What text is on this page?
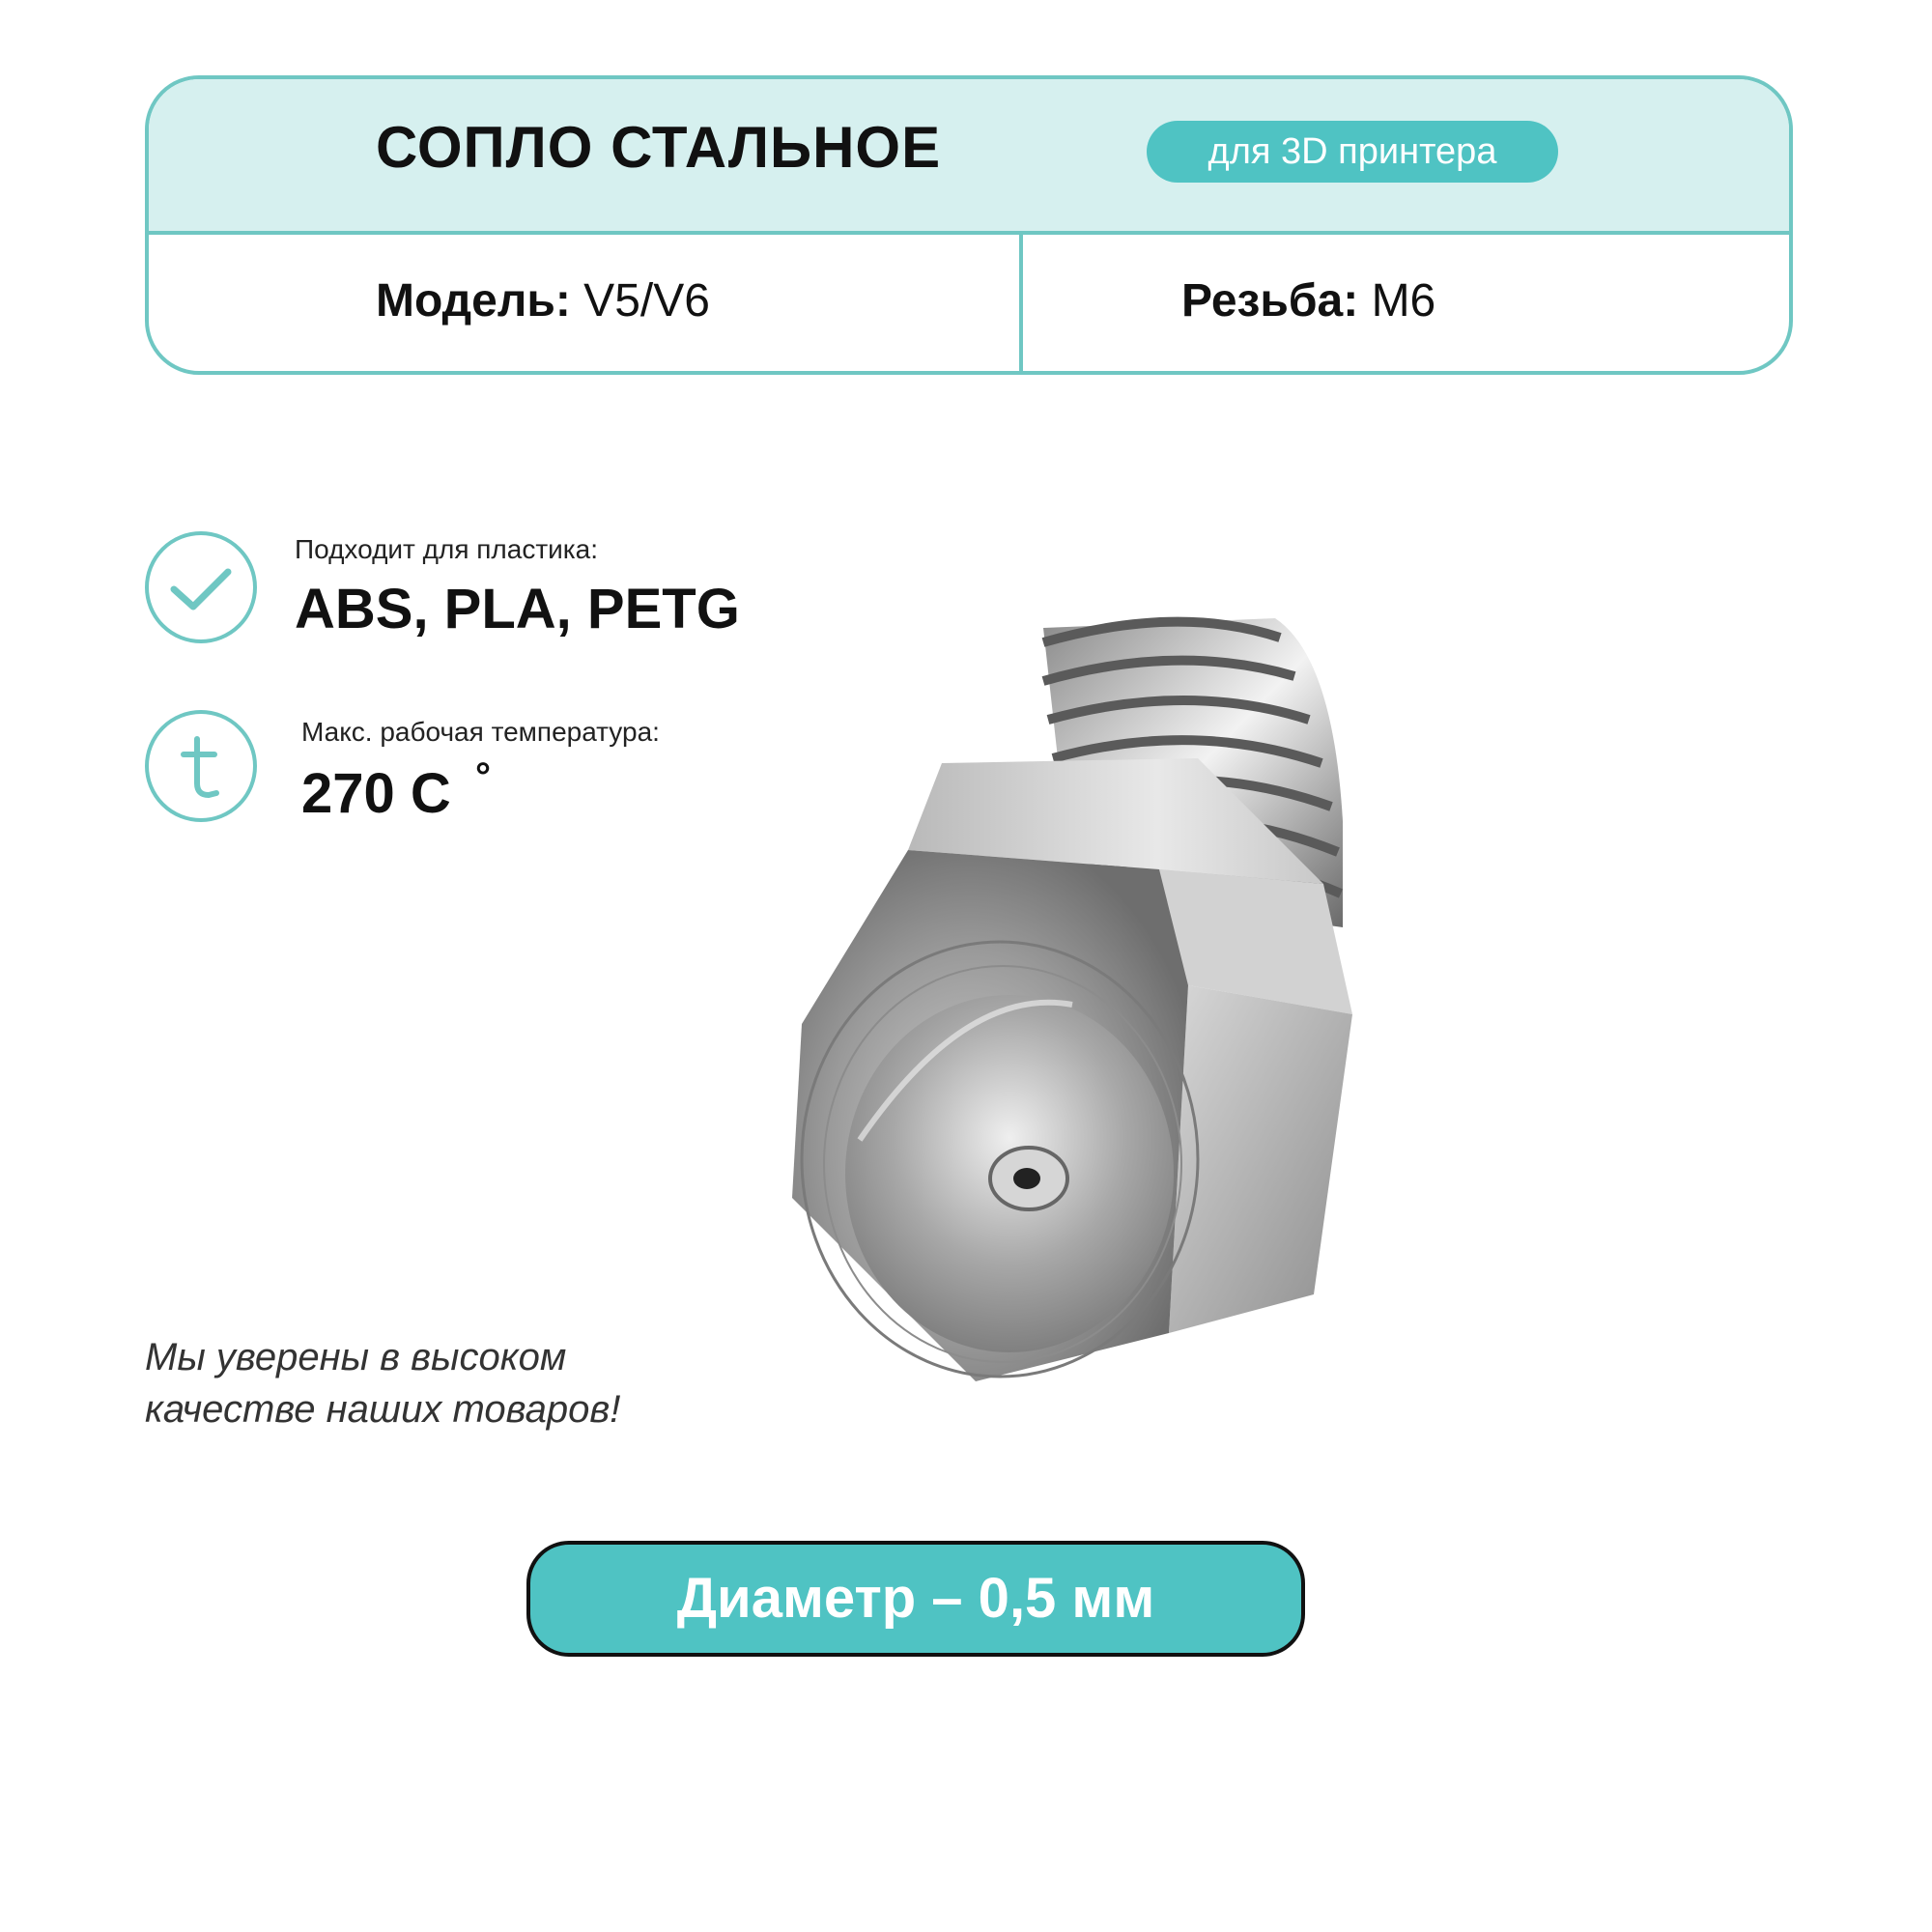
СОПЛО СТАЛЬНОЕ	для 3D принтера
Модель: V5/V6	Резьба: M6
Подходит для пластика:
ABS, PLA, PETG
Макс. рабочая температура:
270 C °
Мы уверены в высоком
качестве наших товаров!
Диаметр – 0,5 мм
